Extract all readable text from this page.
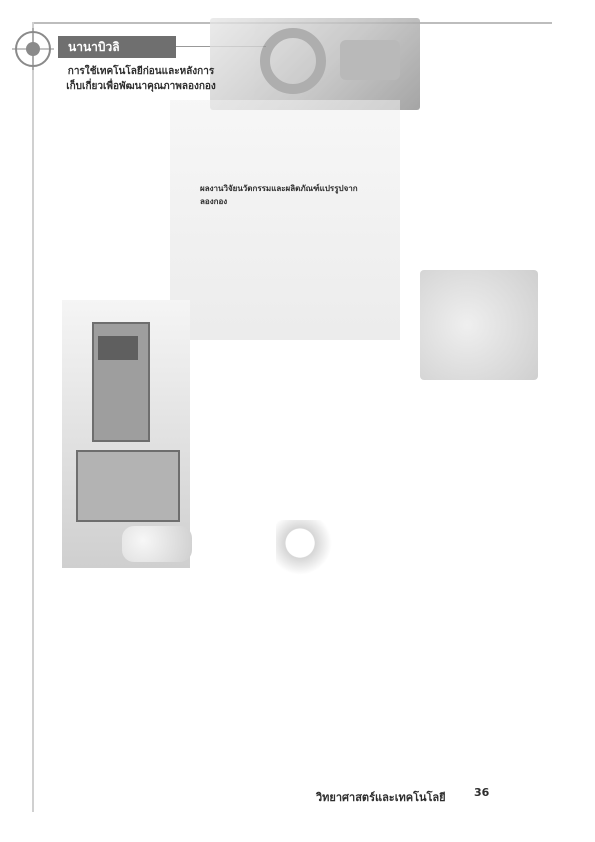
นานาบิวลิ
การใช้เทคโนโลยีก่อนและหลังการเก็บเกี่ยวเพื่อพัฒนาคุณภาพลองกอง

ผลงานวิจัยนวัตกรรมและผลิตภัณฑ์แปรรูปจากลองกอง

วิทยาศาสตร์และเทคโนโลยี	36
